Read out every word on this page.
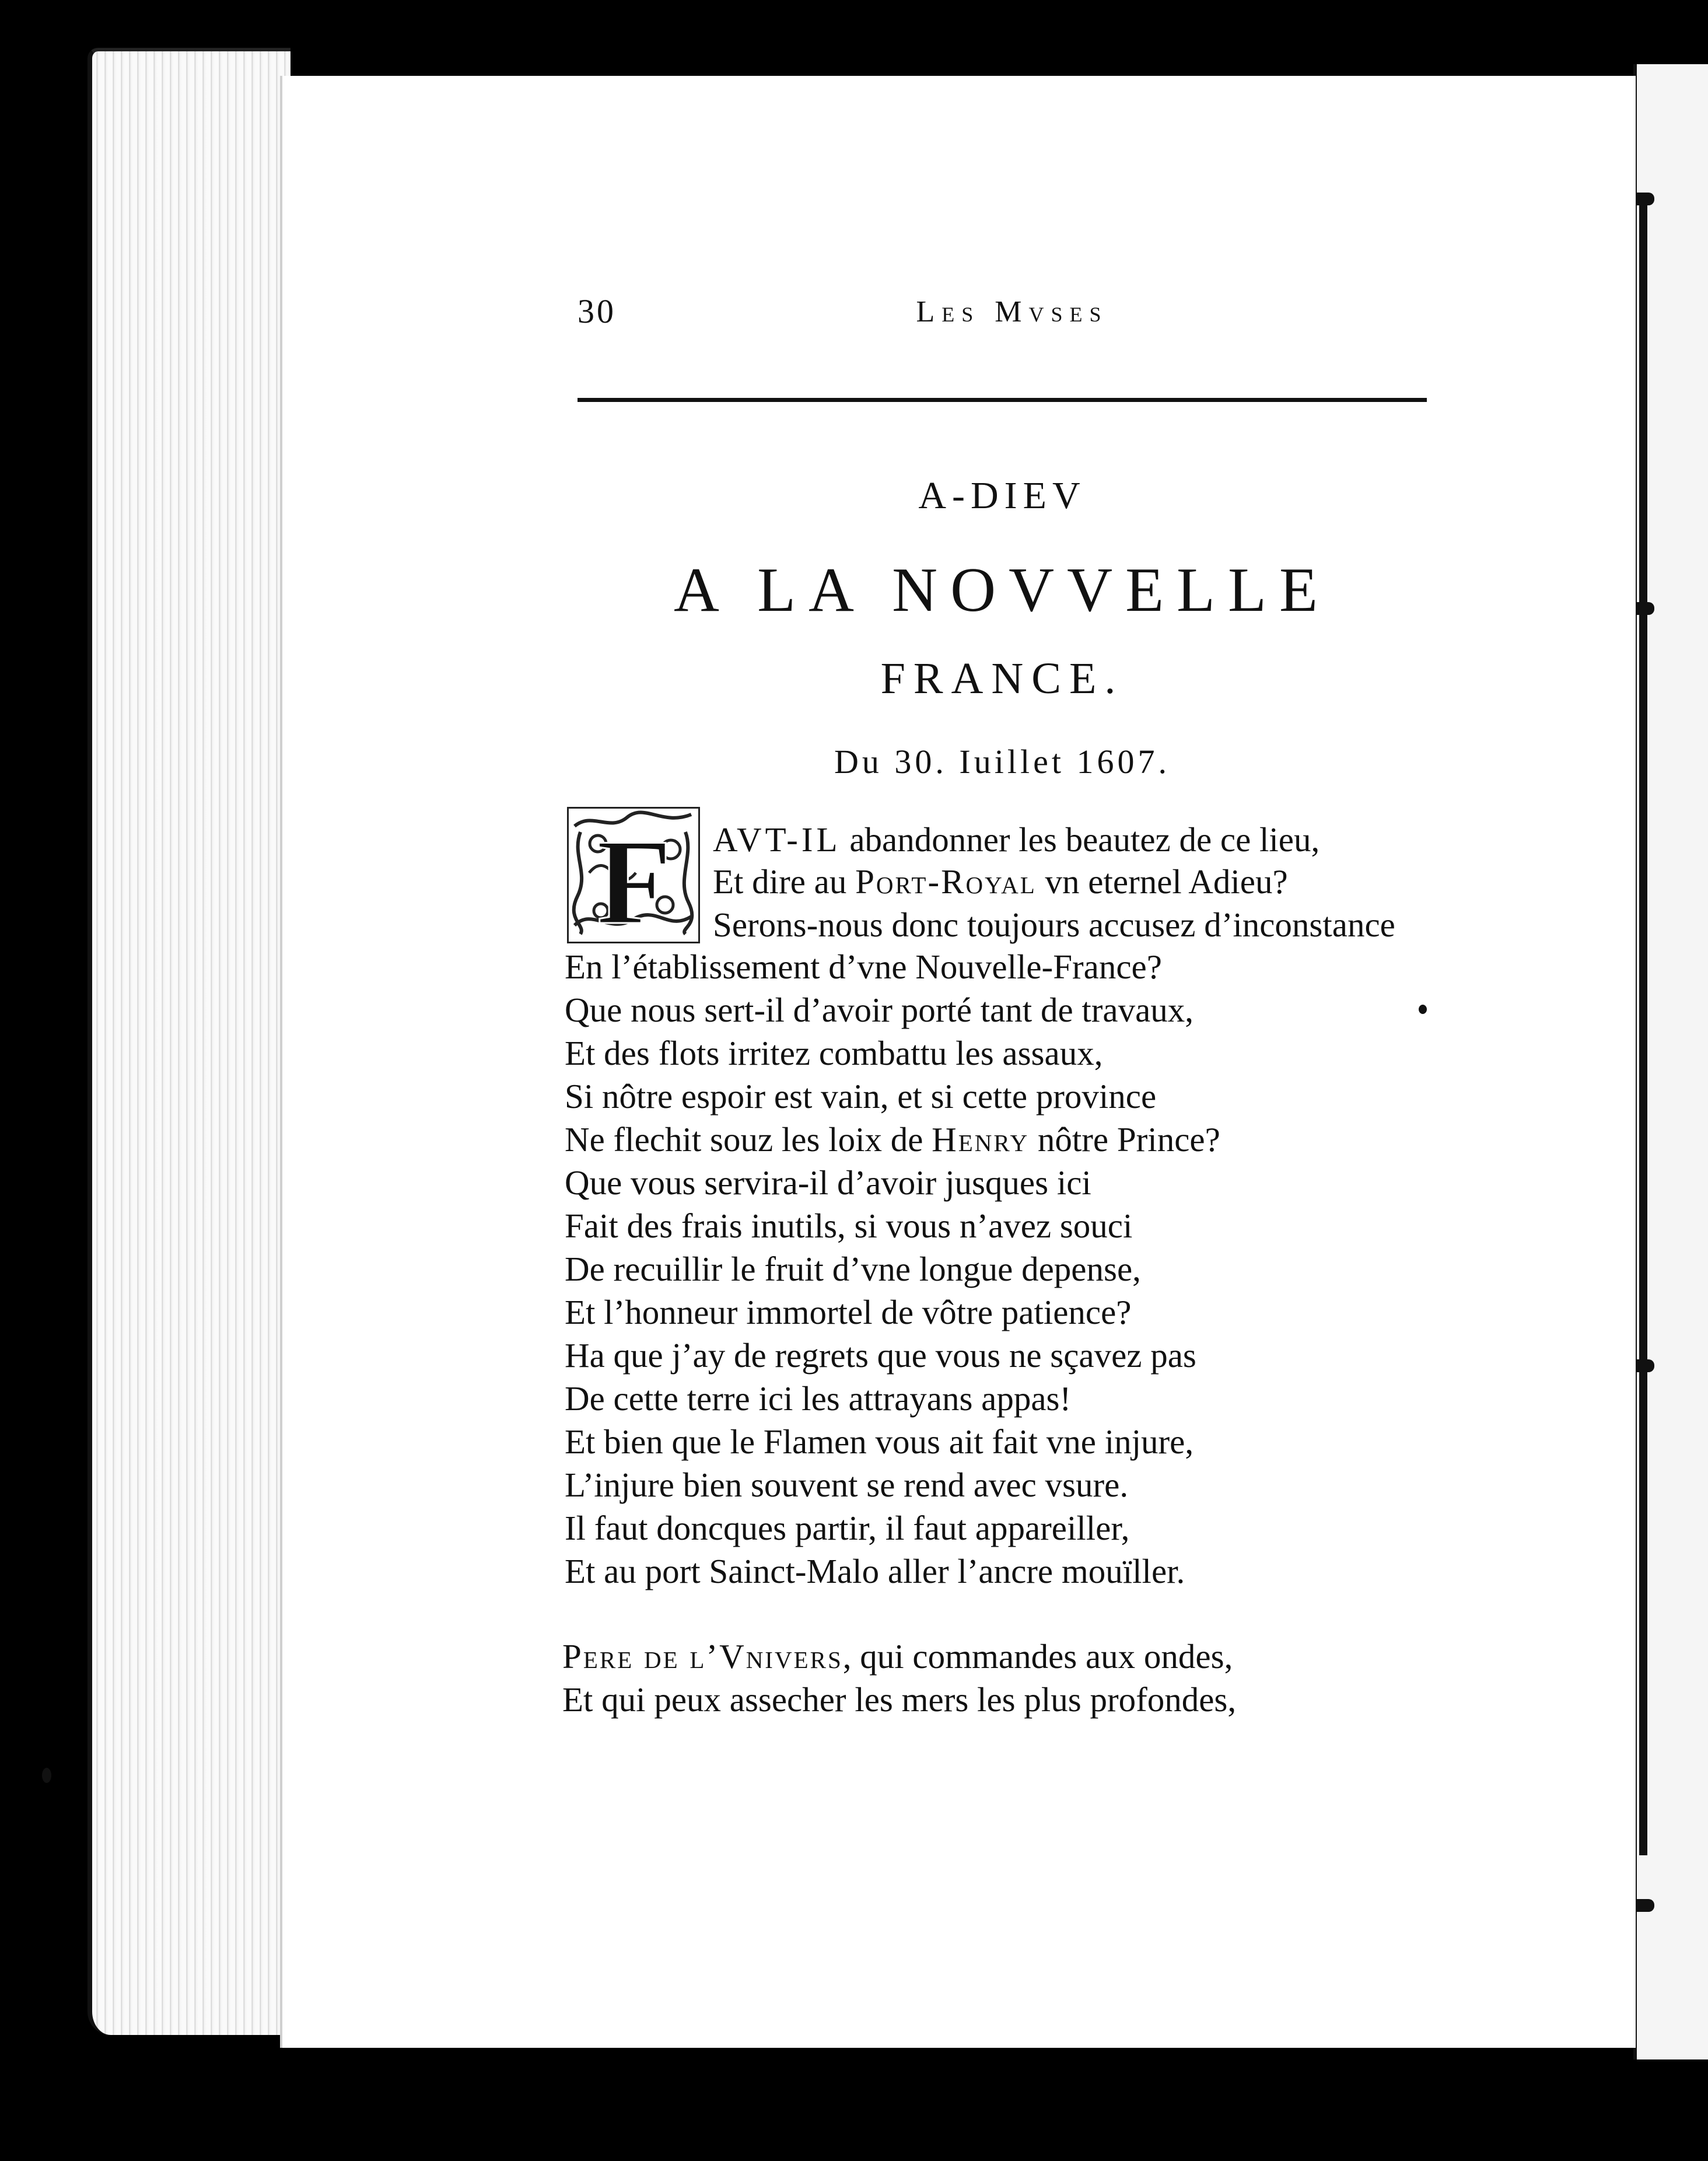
30	Les Mvses
A-DIEV
A LA NOVVELLE
FRANCE.
Du 30. Iuillet 1607.
F AVT-IL abandonner les beautez de ce lieu,
Et dire au Port-Royal vn eternel Adieu?
Serons-nous donc toujours accusez d’inconstance
En l’établissement d’vne Nouvelle-France?
Que nous sert-il d’avoir porté tant de travaux,
Et des flots irritez combattu les assaux,
Si nôtre espoir est vain, et si cette province
Ne flechit souz les loix de Henry nôtre Prince?
Que vous servira-il d’avoir jusques ici
Fait des frais inutils, si vous n’avez souci
De recuillir le fruit d’vne longue depense,
Et l’honneur immortel de vôtre patience?
Ha que j’ay de regrets que vous ne sçavez pas
De cette terre ici les attrayans appas!
Et bien que le Flamen vous ait fait vne injure,
L’injure bien souvent se rend avec vsure.
Il faut doncques partir, il faut appareiller,
Et au port Sainct-Malo aller l’ancre mouïller.
Pere de l’Vnivers, qui commandes aux ondes,
Et qui peux assecher les mers les plus profondes,
